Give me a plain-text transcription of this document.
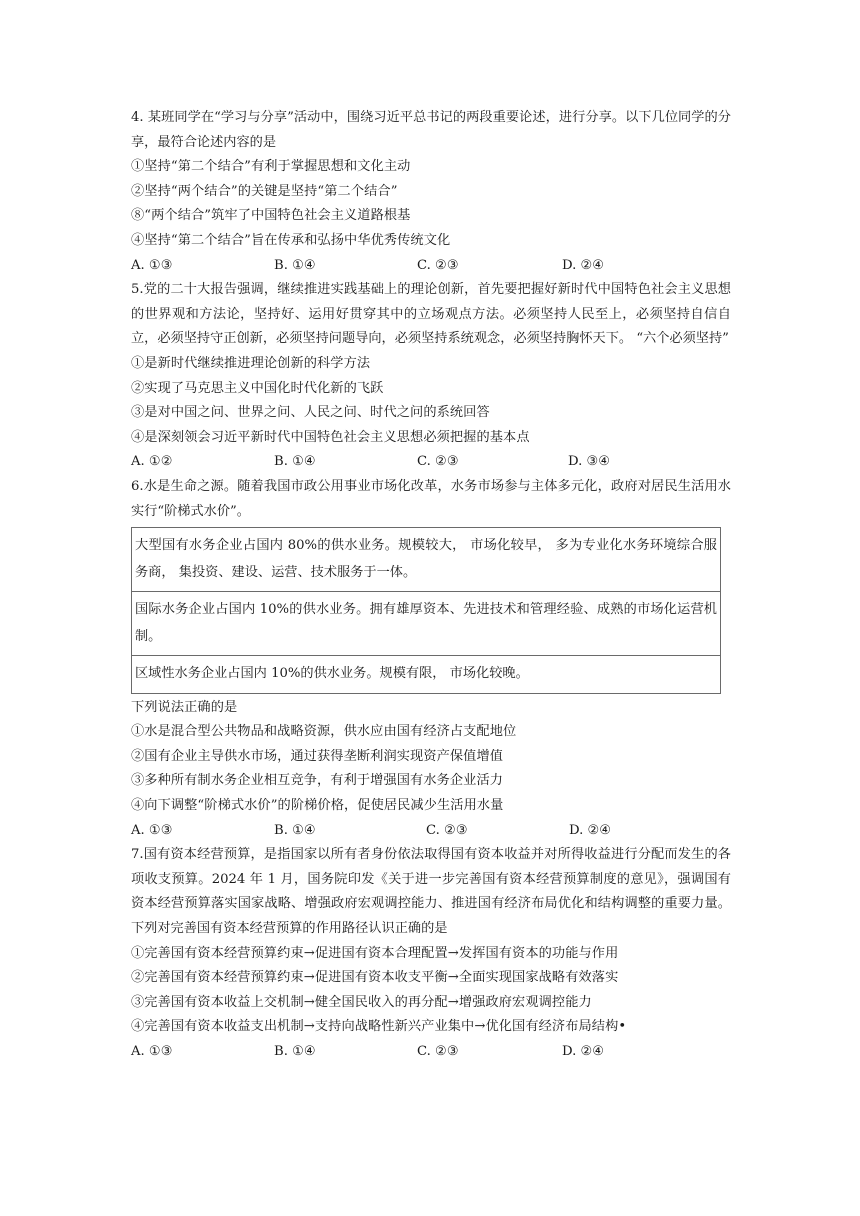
4. 某班同学在“学习与分享”活动中，围绕习近平总书记的两段重要论述，进行分享。以下几位同学的分享，最符合论述内容的是
①坚持“第二个结合”有利于掌握思想和文化主动
②坚持“两个结合”的关键是坚持“第二个结合”
⑧“两个结合”筑牢了中国特色社会主义道路根基
④坚持“第二个结合”旨在传承和弘扬中华优秀传统文化
A. ①③	B. ①④	C. ②③	D. ②④
5.党的二十大报告强调，继续推进实践基础上的理论创新，首先要把握好新时代中国特色社会主义思想的世界观和方法论，坚持好、运用好贯穿其中的立场观点方法。必须坚持人民至上，必须坚持自信自立，必须坚持守正创新，必须坚持问题导向，必须坚持系统观念，必须坚持胸怀天下。 “六个必须坚持”
①是新时代继续推进理论创新的科学方法
②实现了马克思主义中国化时代化新的飞跃
③是对中国之问、世界之问、人民之问、时代之问的系统回答
④是深刻领会习近平新时代中国特色社会主义思想必须把握的基本点
A. ①②	B. ①④	C. ②③	D. ③④
6.水是生命之源。随着我国市政公用事业市场化改革，水务市场参与主体多元化，政府对居民生活用水实行“阶梯式水价”。
大型国有水务企业占国内 80%的供水业务。规模较大， 市场化较早， 多为专业化水务环境综合服务商， 集投资、建设、运营、技术服务于一体。
国际水务企业占国内 10%的供水业务。拥有雄厚资本、先进技术和管理经验、成熟的市场化运营机制。
区域性水务企业占国内 10%的供水业务。规模有限， 市场化较晚。
下列说法正确的是
①水是混合型公共物品和战略资源，供水应由国有经济占支配地位
②国有企业主导供水市场，通过获得垄断利润实现资产保值增值
③多种所有制水务企业相互竞争，有利于增强国有水务企业活力
④向下调整“阶梯式水价”的阶梯价格，促使居民减少生活用水量
A. ①③	B. ①④	C. ②③	D. ②④
7.国有资本经营预算，是指国家以所有者身份依法取得国有资本收益并对所得收益进行分配而发生的各项收支预算。2024 年 1 月，国务院印发《关于进一步完善国有资本经营预算制度的意见》，强调国有资本经营预算落实国家战略、增强政府宏观调控能力、推进国有经济布局优化和结构调整的重要力量。下列对完善国有资本经营预算的作用路径认识正确的是
①完善国有资本经营预算约束→促进国有资本合理配置→发挥国有资本的功能与作用
②完善国有资本经营预算约束→促进国有资本收支平衡→全面实现国家战略有效落实
③完善国有资本收益上交机制→健全国民收入的再分配→增强政府宏观调控能力
④完善国有资本收益支出机制→支持向战略性新兴产业集中→优化国有经济布局结构•
A. ①③	B. ①④	C. ②③	D. ②④
